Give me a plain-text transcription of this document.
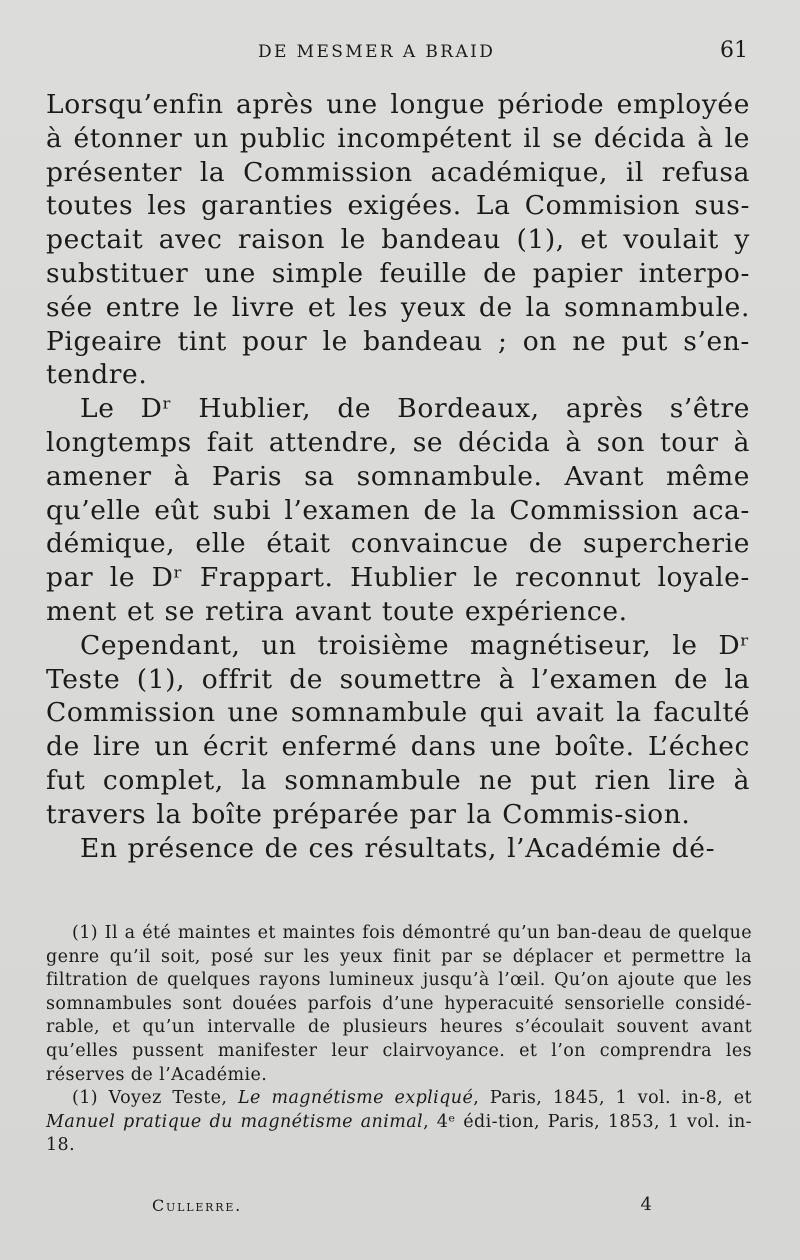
DE MESMER A BRAID	61

Lorsqu’enfin après une longue période employée à étonner un public incompétent il se décida à le présenter la Commission académique, il refusa toutes les garanties exigées. La Commision sus-pectait avec raison le bandeau (1), et voulait y substituer une simple feuille de papier interpo-sée entre le livre et les yeux de la somnambule. Pigeaire tint pour le bandeau ; on ne put s’en-tendre.

Le Dʳ Hublier, de Bordeaux, après s’être longtemps fait attendre, se décida à son tour à amener à Paris sa somnambule. Avant même qu’elle eût subi l’examen de la Commission aca-démique, elle était convaincue de supercherie par le Dʳ Frappart. Hublier le reconnut loyale-ment et se retira avant toute expérience.

Cependant, un troisième magnétiseur, le Dʳ Teste (1), offrit de soumettre à l’examen de la Commission une somnambule qui avait la faculté de lire un écrit enfermé dans une boîte. L’échec fut complet, la somnambule ne put rien lire à travers la boîte préparée par la Commis-sion.

En présence de ces résultats, l’Académie dé-

(1) Il a été maintes et maintes fois démontré qu’un ban-deau de quelque genre qu’il soit, posé sur les yeux finit par se déplacer et permettre la filtration de quelques rayons lumineux jusqu’à l’œil. Qu’on ajoute que les somnambules sont douées parfois d’une hyperacuité sensorielle considé-rable, et qu’un intervalle de plusieurs heures s’écoulait souvent avant qu’elles pussent manifester leur clairvoyance. et l’on comprendra les réserves de l’Académie.

(1) Voyez Teste, Le magnétisme expliqué, Paris, 1845, 1 vol. in-8, et Manuel pratique du magnétisme animal, 4ᵉ édi-tion, Paris, 1853, 1 vol. in-18.

Cullerre.	4
